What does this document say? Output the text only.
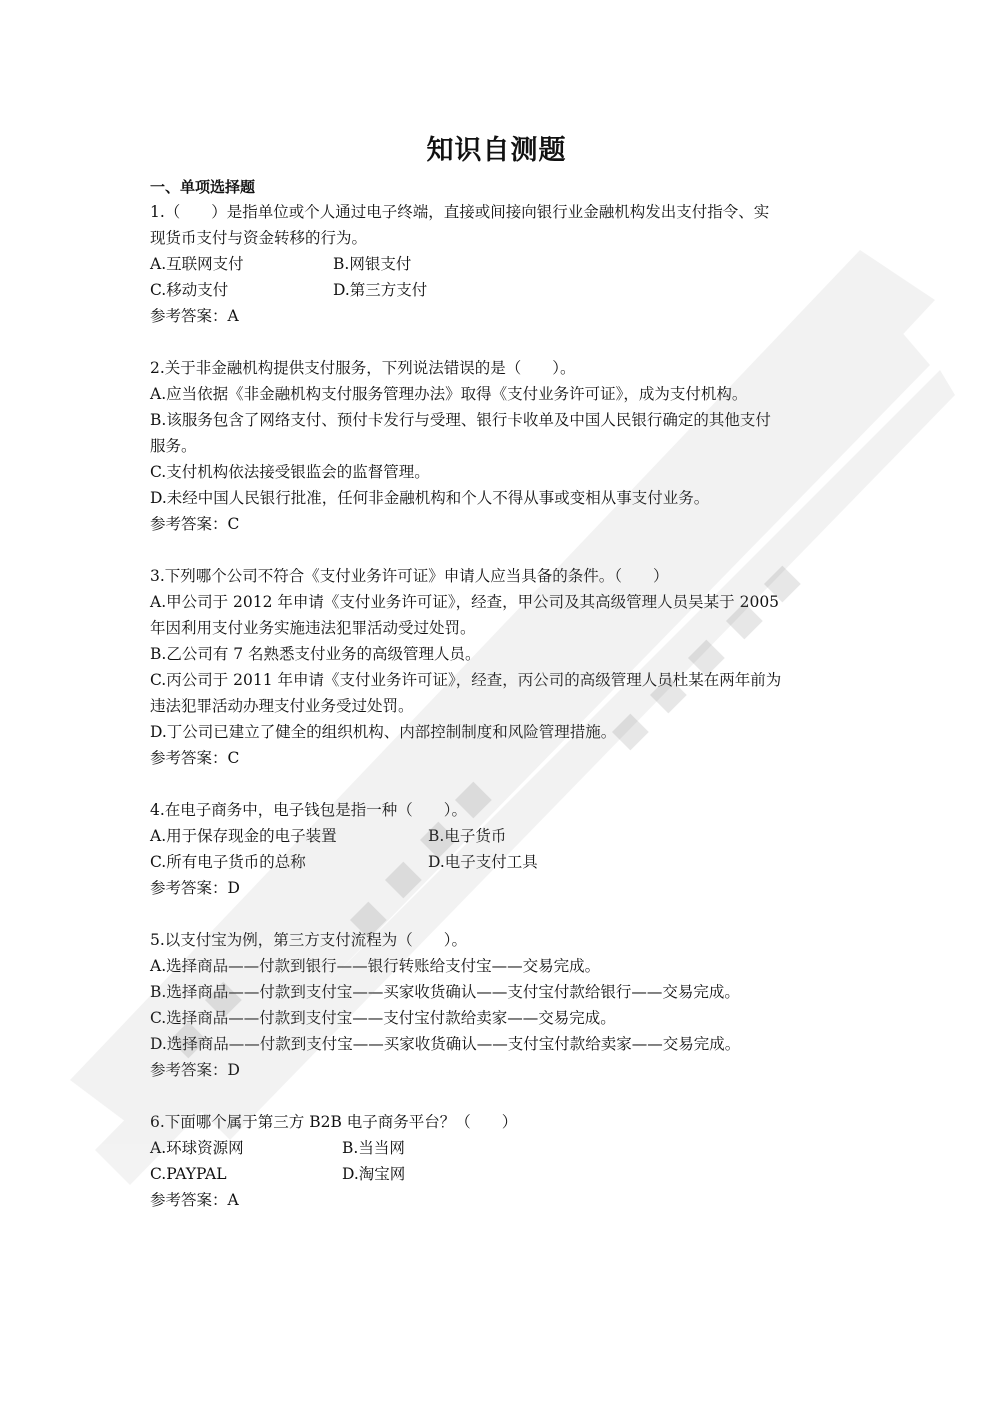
知识自测题
一、单项选择题
1.（　　）是指单位或个人通过电子终端，直接或间接向银行业金融机构发出支付指令、实
现货币支付与资金转移的行为。
A.互联网支付	B.网银支付
C.移动支付	D.第三方支付
参考答案：A
2.关于非金融机构提供支付服务，下列说法错误的是（　　）。
A.应当依据《非金融机构支付服务管理办法》取得《支付业务许可证》，成为支付机构。
B.该服务包含了网络支付、预付卡发行与受理、银行卡收单及中国人民银行确定的其他支付
服务。
C.支付机构依法接受银监会的监督管理。
D.未经中国人民银行批准，任何非金融机构和个人不得从事或变相从事支付业务。
参考答案：C
3.下列哪个公司不符合《支付业务许可证》申请人应当具备的条件。（　　）
A.甲公司于 2012 年申请《支付业务许可证》，经查，甲公司及其高级管理人员吴某于 2005
年因利用支付业务实施违法犯罪活动受过处罚。
B.乙公司有 7 名熟悉支付业务的高级管理人员。
C.丙公司于 2011 年申请《支付业务许可证》，经查，丙公司的高级管理人员杜某在两年前为
违法犯罪活动办理支付业务受过处罚。
D.丁公司已建立了健全的组织机构、内部控制制度和风险管理措施。
参考答案：C
4.在电子商务中，电子钱包是指一种（　　）。
A.用于保存现金的电子装置	B.电子货币
C.所有电子货币的总称	D.电子支付工具
参考答案：D
5.以支付宝为例，第三方支付流程为（　　）。
A.选择商品——付款到银行——银行转账给支付宝——交易完成。
B.选择商品——付款到支付宝——买家收货确认——支付宝付款给银行——交易完成。
C.选择商品——付款到支付宝——支付宝付款给卖家——交易完成。
D.选择商品——付款到支付宝——买家收货确认——支付宝付款给卖家——交易完成。
参考答案：D
6.下面哪个属于第三方 B2B 电子商务平台？（　　）
A.环球资源网	B.当当网
C.PAYPAL	D.淘宝网
参考答案：A
